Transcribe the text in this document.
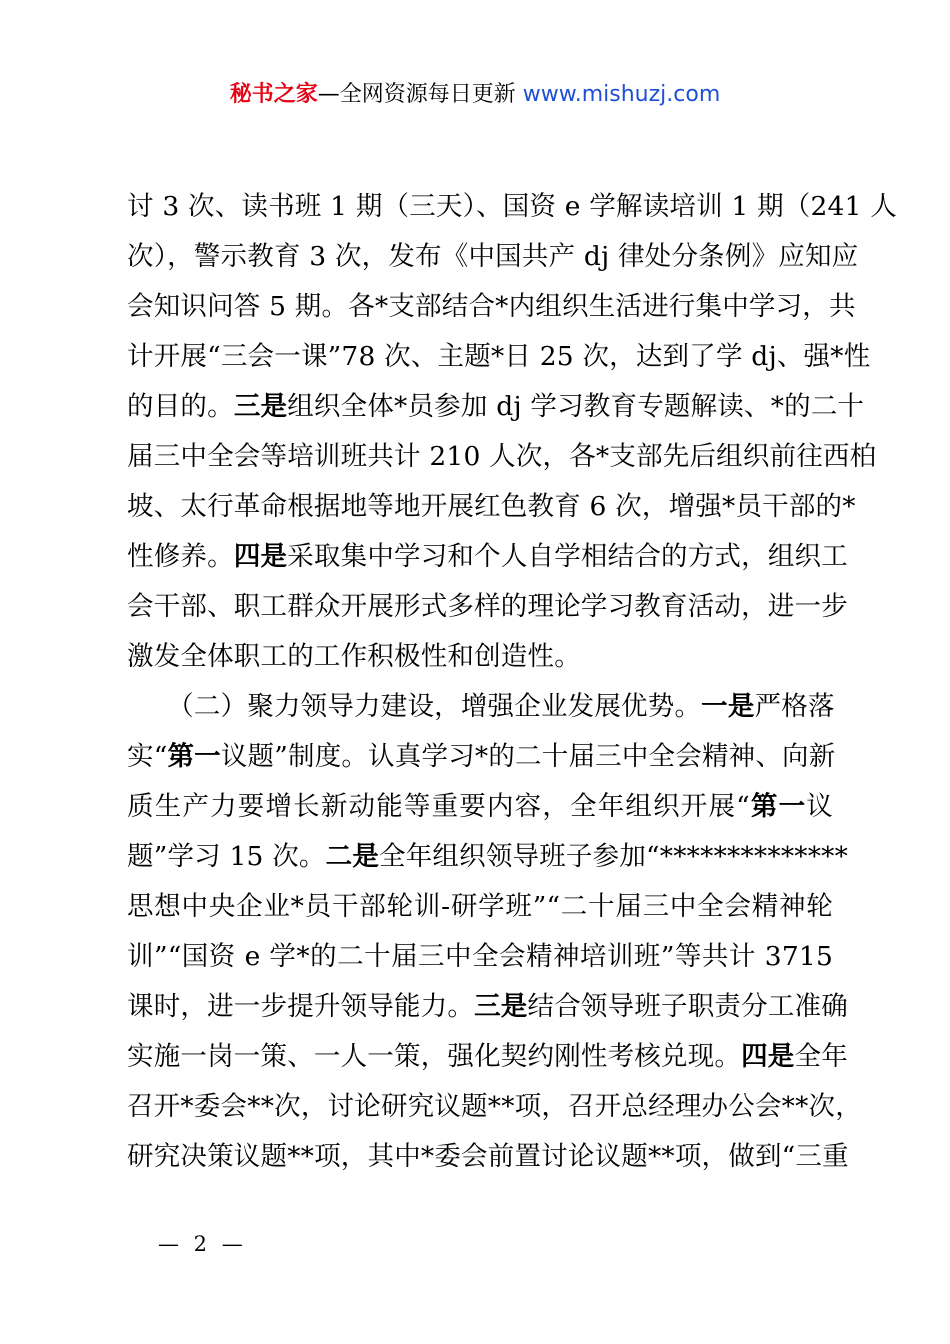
秘书之家—全网资源每日更新 www.mishuzj.com
讨 3 次、读书班 1 期（三天）、国资 e 学解读培训 1 期（241 人
次），警示教育 3 次，发布《中国共产 dj 律处分条例》应知应
会知识问答 5 期。各*支部结合*内组织生活进行集中学习，共
计开展“三会一课”78 次、主题*日 25 次，达到了学 dj、强*性
的目的。三是组织全体*员参加 dj 学习教育专题解读、*的二十
届三中全会等培训班共计 210 人次，各*支部先后组织前往西柏
坡、太行革命根据地等地开展红色教育 6 次，增强*员干部的*
性修养。四是采取集中学习和个人自学相结合的方式，组织工
会干部、职工群众开展形式多样的理论学习教育活动，进一步
激发全体职工的工作积极性和创造性。
　　（二）聚力领导力建设，增强企业发展优势。一是严格落
实“第一议题”制度。认真学习*的二十届三中全会精神、向新
质生产力要增长新动能等重要内容，全年组织开展“第一议
题”学习 15 次。二是全年组织领导班子参加“**************
思想中央企业*员干部轮训-研学班”“二十届三中全会精神轮
训”“国资 e 学*的二十届三中全会精神培训班”等共计 3715
课时，进一步提升领导能力。三是结合领导班子职责分工准确
实施一岗一策、一人一策，强化契约刚性考核兑现。四是全年
召开*委会**次，讨论研究议题**项，召开总经理办公会**次，
研究决策议题**项，其中*委会前置讨论议题**项，做到“三重
— 2 —
